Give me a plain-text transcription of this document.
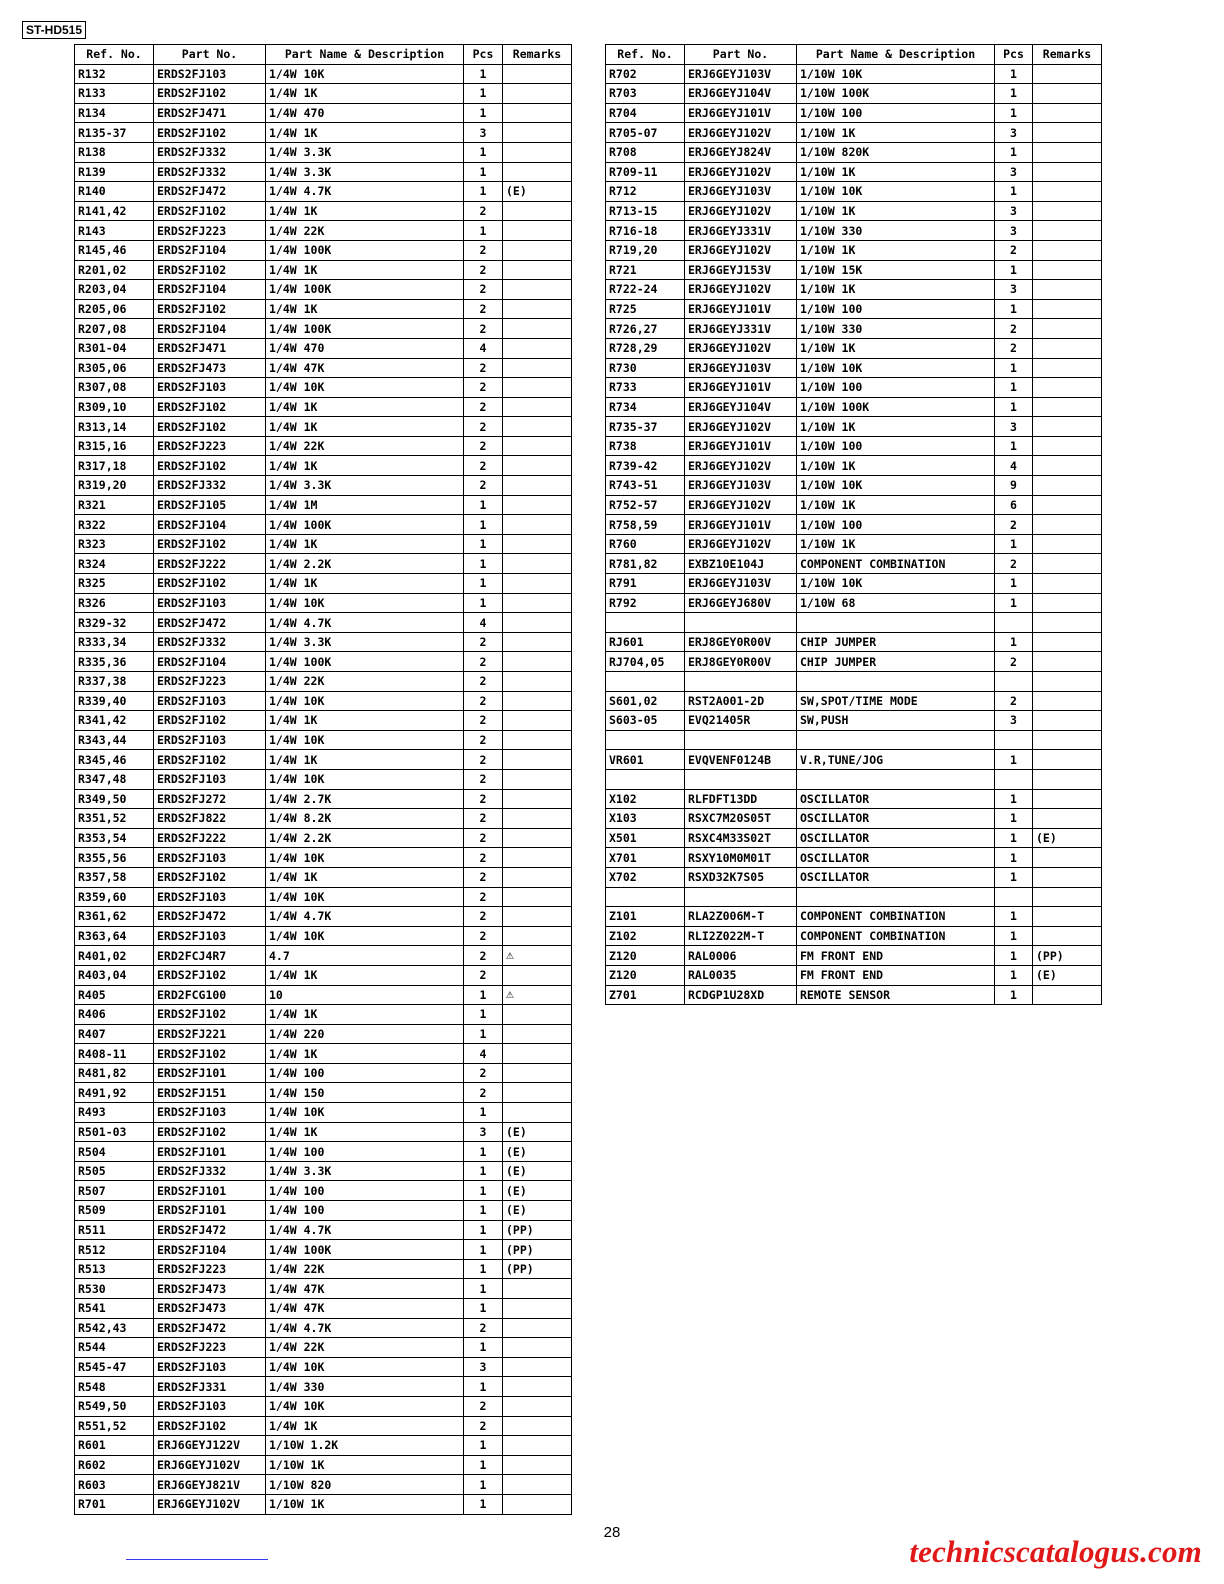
ST-HD515
Ref. No.	Part No.	Part Name & Description	Pcs	Remarks
R132	ERDS2FJ103	1/4W 10K	1	
R133	ERDS2FJ102	1/4W 1K	1	
R134	ERDS2FJ471	1/4W 470	1	
R135-37	ERDS2FJ102	1/4W 1K	3	
R138	ERDS2FJ332	1/4W 3.3K	1	
R139	ERDS2FJ332	1/4W 3.3K	1	
R140	ERDS2FJ472	1/4W 4.7K	1	(E)
R141,42	ERDS2FJ102	1/4W 1K	2	
R143	ERDS2FJ223	1/4W 22K	1	
R145,46	ERDS2FJ104	1/4W 100K	2	
R201,02	ERDS2FJ102	1/4W 1K	2	
R203,04	ERDS2FJ104	1/4W 100K	2	
R205,06	ERDS2FJ102	1/4W 1K	2	
R207,08	ERDS2FJ104	1/4W 100K	2	
R301-04	ERDS2FJ471	1/4W 470	4	
R305,06	ERDS2FJ473	1/4W 47K	2	
R307,08	ERDS2FJ103	1/4W 10K	2	
R309,10	ERDS2FJ102	1/4W 1K	2	
R313,14	ERDS2FJ102	1/4W 1K	2	
R315,16	ERDS2FJ223	1/4W 22K	2	
R317,18	ERDS2FJ102	1/4W 1K	2	
R319,20	ERDS2FJ332	1/4W 3.3K	2	
R321	ERDS2FJ105	1/4W 1M	1	
R322	ERDS2FJ104	1/4W 100K	1	
R323	ERDS2FJ102	1/4W 1K	1	
R324	ERDS2FJ222	1/4W 2.2K	1	
R325	ERDS2FJ102	1/4W 1K	1	
R326	ERDS2FJ103	1/4W 10K	1	
R329-32	ERDS2FJ472	1/4W 4.7K	4	
R333,34	ERDS2FJ332	1/4W 3.3K	2	
R335,36	ERDS2FJ104	1/4W 100K	2	
R337,38	ERDS2FJ223	1/4W 22K	2	
R339,40	ERDS2FJ103	1/4W 10K	2	
R341,42	ERDS2FJ102	1/4W 1K	2	
R343,44	ERDS2FJ103	1/4W 10K	2	
R345,46	ERDS2FJ102	1/4W 1K	2	
R347,48	ERDS2FJ103	1/4W 10K	2	
R349,50	ERDS2FJ272	1/4W 2.7K	2	
R351,52	ERDS2FJ822	1/4W 8.2K	2	
R353,54	ERDS2FJ222	1/4W 2.2K	2	
R355,56	ERDS2FJ103	1/4W 10K	2	
R357,58	ERDS2FJ102	1/4W 1K	2	
R359,60	ERDS2FJ103	1/4W 10K	2	
R361,62	ERDS2FJ472	1/4W 4.7K	2	
R363,64	ERDS2FJ103	1/4W 10K	2	
R401,02	ERD2FCJ4R7	4.7	2	⚠
R403,04	ERDS2FJ102	1/4W 1K	2	
R405	ERD2FCG100	10	1	⚠
R406	ERDS2FJ102	1/4W 1K	1	
R407	ERDS2FJ221	1/4W 220	1	
R408-11	ERDS2FJ102	1/4W 1K	4	
R481,82	ERDS2FJ101	1/4W 100	2	
R491,92	ERDS2FJ151	1/4W 150	2	
R493	ERDS2FJ103	1/4W 10K	1	
R501-03	ERDS2FJ102	1/4W 1K	3	(E)
R504	ERDS2FJ101	1/4W 100	1	(E)
R505	ERDS2FJ332	1/4W 3.3K	1	(E)
R507	ERDS2FJ101	1/4W 100	1	(E)
R509	ERDS2FJ101	1/4W 100	1	(E)
R511	ERDS2FJ472	1/4W 4.7K	1	(PP)
R512	ERDS2FJ104	1/4W 100K	1	(PP)
R513	ERDS2FJ223	1/4W 22K	1	(PP)
R530	ERDS2FJ473	1/4W 47K	1	
R541	ERDS2FJ473	1/4W 47K	1	
R542,43	ERDS2FJ472	1/4W 4.7K	2	
R544	ERDS2FJ223	1/4W 22K	1	
R545-47	ERDS2FJ103	1/4W 10K	3	
R548	ERDS2FJ331	1/4W 330	1	
R549,50	ERDS2FJ103	1/4W 10K	2	
R551,52	ERDS2FJ102	1/4W 1K	2	
R601	ERJ6GEYJ122V	1/10W 1.2K	1	
R602	ERJ6GEYJ102V	1/10W 1K	1	
R603	ERJ6GEYJ821V	1/10W 820	1	
R701	ERJ6GEYJ102V	1/10W 1K	1	
Ref. No.	Part No.	Part Name & Description	Pcs	Remarks
R702	ERJ6GEYJ103V	1/10W 10K	1	
R703	ERJ6GEYJ104V	1/10W 100K	1	
R704	ERJ6GEYJ101V	1/10W 100	1	
R705-07	ERJ6GEYJ102V	1/10W 1K	3	
R708	ERJ6GEYJ824V	1/10W 820K	1	
R709-11	ERJ6GEYJ102V	1/10W 1K	3	
R712	ERJ6GEYJ103V	1/10W 10K	1	
R713-15	ERJ6GEYJ102V	1/10W 1K	3	
R716-18	ERJ6GEYJ331V	1/10W 330	3	
R719,20	ERJ6GEYJ102V	1/10W 1K	2	
R721	ERJ6GEYJ153V	1/10W 15K	1	
R722-24	ERJ6GEYJ102V	1/10W 1K	3	
R725	ERJ6GEYJ101V	1/10W 100	1	
R726,27	ERJ6GEYJ331V	1/10W 330	2	
R728,29	ERJ6GEYJ102V	1/10W 1K	2	
R730	ERJ6GEYJ103V	1/10W 10K	1	
R733	ERJ6GEYJ101V	1/10W 100	1	
R734	ERJ6GEYJ104V	1/10W 100K	1	
R735-37	ERJ6GEYJ102V	1/10W 1K	3	
R738	ERJ6GEYJ101V	1/10W 100	1	
R739-42	ERJ6GEYJ102V	1/10W 1K	4	
R743-51	ERJ6GEYJ103V	1/10W 10K	9	
R752-57	ERJ6GEYJ102V	1/10W 1K	6	
R758,59	ERJ6GEYJ101V	1/10W 100	2	
R760	ERJ6GEYJ102V	1/10W 1K	1	
R781,82	EXBZ10E104J	COMPONENT COMBINATION	2	
R791	ERJ6GEYJ103V	1/10W 10K	1	
R792	ERJ6GEYJ680V	1/10W 68	1	

RJ601	ERJ8GEY0R00V	CHIP JUMPER	1	
RJ704,05	ERJ8GEY0R00V	CHIP JUMPER	2	

S601,02	RST2A001-2D	SW,SPOT/TIME MODE	2	
S603-05	EVQ21405R	SW,PUSH	3	

VR601	EVQVENF0124B	V.R,TUNE/JOG	1	

X102	RLFDFT13DD	OSCILLATOR	1	
X103	RSXC7M20S05T	OSCILLATOR	1	
X501	RSXC4M33S02T	OSCILLATOR	1	(E)
X701	RSXY10M0M01T	OSCILLATOR	1	
X702	RSXD32K7S05	OSCILLATOR	1	

Z101	RLA2Z006M-T	COMPONENT COMBINATION	1	
Z102	RLI2Z022M-T	COMPONENT COMBINATION	1	
Z120	RAL0006	FM FRONT END	1	(PP)
Z120	RAL0035	FM FRONT END	1	(E)
Z701	RCDGP1U28XD	REMOTE SENSOR	1	
28
technicscatalogus.com
